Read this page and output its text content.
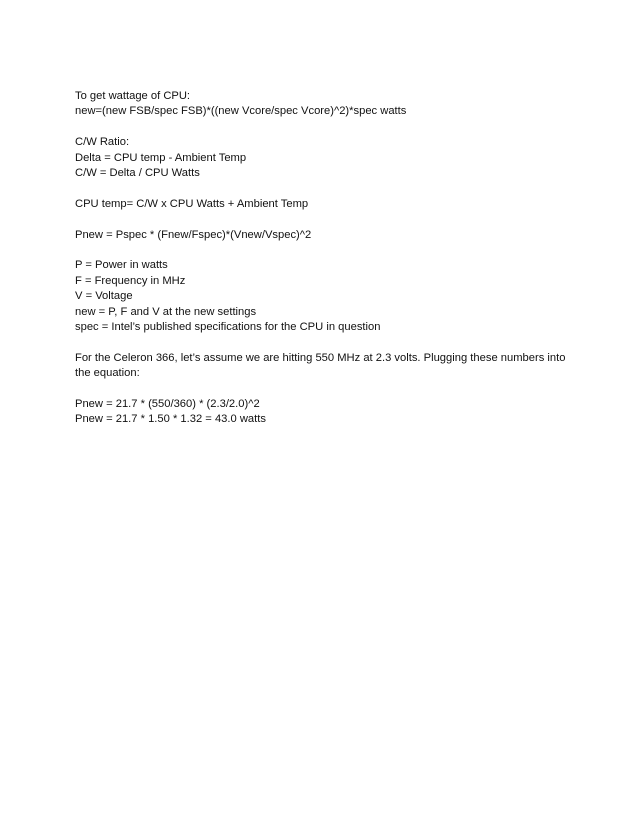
To get wattage of CPU:
new=(new FSB/spec FSB)*((new Vcore/spec Vcore)^2)*spec watts
C/W Ratio:
Delta = CPU temp - Ambient Temp
C/W = Delta / CPU Watts
CPU temp= C/W x CPU Watts + Ambient Temp
Pnew = Pspec * (Fnew/Fspec)*(Vnew/Vspec)^2
P = Power in watts
F = Frequency in MHz
V = Voltage
new = P, F and V at the new settings
spec = Intel’s published specifications for the CPU in question
For the Celeron 366, let’s assume we are hitting 550 MHz at 2.3 volts. Plugging these numbers into the equation:
Pnew = 21.7 * (550/360) * (2.3/2.0)^2
Pnew = 21.7 * 1.50 * 1.32 = 43.0 watts
